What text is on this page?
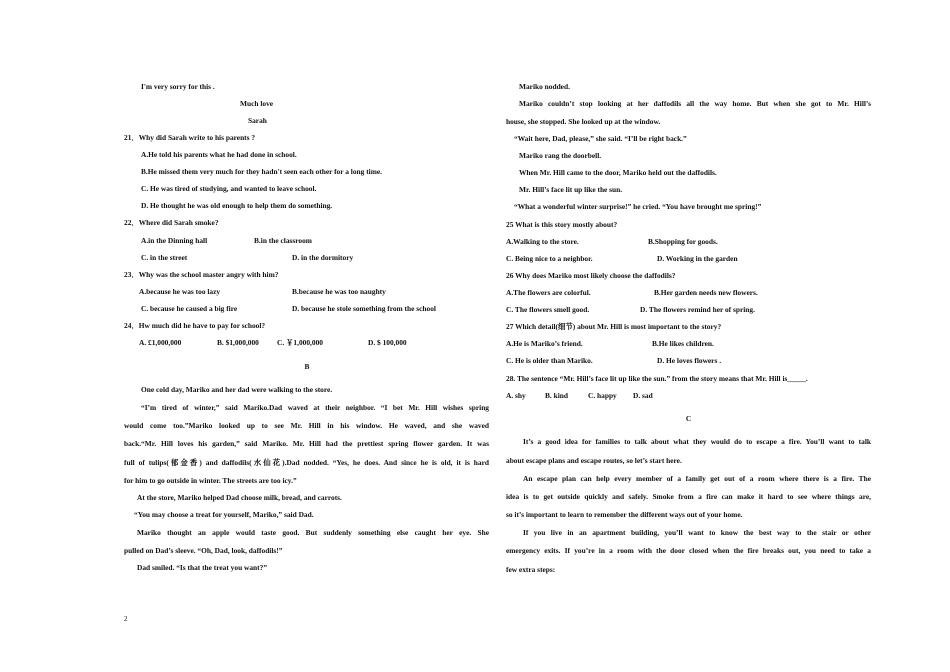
I'm very sorry for this .
Much love
Sarah
21．Why did Sarah write to his parents ?
A.He told his parents what he had done in school.
B.He missed them very much for they hadn't seen each other for a long time.
C. He was tired of studying, and wanted to leave school.
D. He thought he was old enough to help them do something.
22．Where did Sarah smoke?
A.in the Dinning hall	B.in the classroom
C. in the street	D. in the dormitory
23．Why was the school master angry with him?
A.because he was too lazy	B.because he was too naughty
C. because he caused a big fire	D. because he stole something from the school
24．Hw much did he have to pay for school?
A. £1,000,000	B. $1,000,000 C. ￥1,000,000	D. $ 100,000
B
One cold day, Mariko and her dad were walking to the store.
“I’m tired of winter,” said Mariko.Dad waved at their neighbor. “I bet Mr. Hill wishes spring
would come too.”Mariko looked up to see Mr. Hill in his window. He waved, and she waved
back.“Mr. Hill loves his garden,” said Mariko. Mr. Hill had the prettiest spring flower garden. It was
full of tulips(郁金香) and daffodils(水仙花).Dad nodded. “Yes, he does. And since he is old, it is hard
for him to go outside in winter. The streets are too icy.”
At the store, Mariko helped Dad choose milk, bread, and carrots.
“You may choose a treat for yourself, Mariko,” said Dad.
Mariko thought an apple would taste good. But suddenly something else caught her eye. She
pulled on Dad’s sleeve. “Oh, Dad, look, daffodils!”
Dad smiled. “Is that the treat you want?”
Mariko nodded.
Mariko couldn’t stop looking at her daffodils all the way home. But when she got to Mr. Hill’s
house, she stopped. She looked up at the window.
“Wait here, Dad, please,” she said. “I’ll be right back.”
Mariko rang the doorbell.
When Mr. Hill came to the door, Mariko held out the daffodils.
Mr. Hill’s face lit up like the sun.
“What a wonderful winter surprise!” he cried. “You have brought me spring!”
25 What is this story mostly about?
A.Walking to the store.	B.Shopping for goods.
C. Being nice to a neighbor.	D. Working in the garden
26 Why does Mariko most likely choose the daffodils?
A.The flowers are colorful.	B.Her garden needs new flowers.
C. The flowers smell good.	D. The flowers remind her of spring.
27 Which detail(细节) about Mr. Hill is most important to the story?
A.He is Mariko’s friend.	B.He likes children.
C. He is older than Mariko.	D. He loves flowers .
28. The sentence “Mr. Hill’s face lit up like the sun.” from the story means that Mr. Hill is_____.
A. shy	B. kind	C. happy D. sad
C
It’s a good idea for families to talk about what they would do to escape a fire. You’ll want to talk
about escape plans and escape routes, so let’s start here.
An escape plan can help every member of a family get out of a room where there is a fire. The
idea is to get outside quickly and safely. Smoke from a fire can make it hard to see where things are,
so it’s important to learn to remember the different ways out of your home.
If you live in an apartment building, you’ll want to know the best way to the stair or other
emergency exits. If you’re in a room with the door closed when the fire breaks out, you need to take a
few extra steps:
2
